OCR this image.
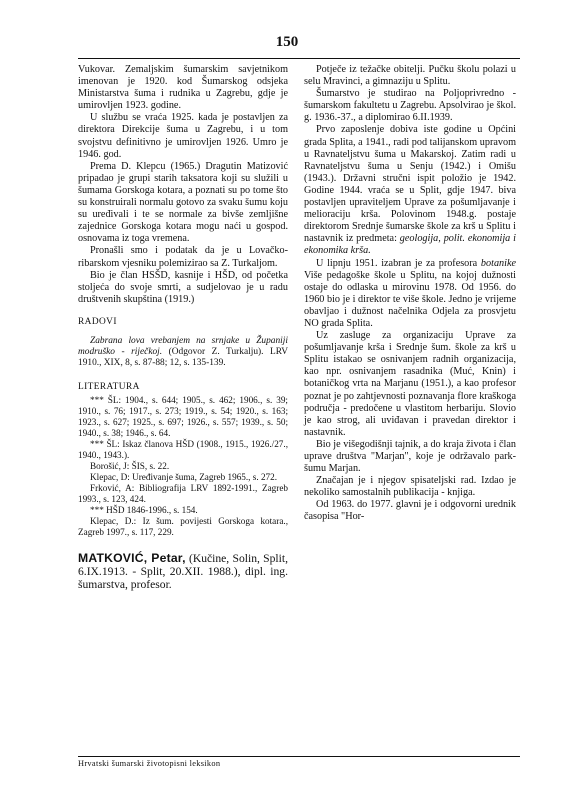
150

Vukovar. Zemaljskim šumarskim savjetnikom imenovan je 1920. kod Šumarskog odsjeka Ministarstva šuma i rudnika u Zagrebu, gdje je umirovljen 1923. godine.

U službu se vraća 1925. kada je postavljen za direktora Direkcije šuma u Zagrebu, i u tom svojstvu definitivno je umirovljen 1926. Umro je 1946. god.

Prema D. Klepcu (1965.) Dragutin Matizović pripadao je grupi starih taksatora koji su služili u šumama Gorskoga kotara, a poznati su po tome što su konstruirali normalu gotovo za svaku šumu koju su uređivali i te se normale za bivše zemljišne zajednice Gorskoga kotara mogu naći u gospod. osnovama iz toga vremena.

Pronašli smo i podatak da je u Lovačko-ribarskom vjesniku polemizirao sa Z. Turkaljom.

Bio je član HSŠD, kasnije i HŠD, od početka stoljeća do svoje smrti, a sudjelovao je u radu društvenih skupština (1919.)

RADOVI

Zabrana lova vrebanjem na srnjake u Županiji modruško - riječkoj. (Odgovor Z. Turkalju). LRV 1910., XIX, 8, s. 87-88; 12, s. 135-139.

LITERATURA
*** ŠL: 1904., s. 644; 1905., s. 462; 1906., s. 39; 1910., s. 76; 1917., s. 273; 1919., s. 54; 1920., s. 163; 1923., s. 627; 1925., s. 697; 1926., s. 557; 1939., s. 50; 1940., s. 38; 1946., s. 64.
*** ŠL: Iskaz članova HŠD (1908., 1915., 1926./27., 1940., 1943.).
Borošić, J: ŠIS, s. 22.
Klepac, D: Uređivanje šuma, Zagreb 1965., s. 272.
Frković, A: Bibliografija LRV 1892-1991., Zagreb 1993., s. 123, 424.
*** HŠD 1846-1996., s. 154.
Klepac, D.: Iz šum. povijesti Gorskoga kotara., Zagreb 1997., s. 117, 229.
MATKOVIĆ, Petar, (Kučine, Solin, Split, 6.IX.1913. - Split, 20.XII. 1988.), dipl. ing. šumarstva, profesor.

Potječe iz težačke obitelji. Pučku školu polazi u selu Mravinci, a gimnaziju u Splitu.

Šumarstvo je studirao na Poljoprivredno - šumarskom fakultetu u Zagrebu. Apsolvirao je škol. g. 1936.-37., a diplomirao 6.II.1939.

Prvo zaposlenje dobiva iste godine u Općini grada Splita, a 1941., radi pod talijanskom upravom u Ravnateljstvu šuma u Makarskoj. Zatim radi u Ravnateljstvu šuma u Senju (1942.) i Omišu (1943.). Državni stručni ispit položio je 1942. Godine 1944. vraća se u Split, gdje 1947. biva postavljen upraviteljem Uprave za pošumljavanje i melioraciju krša. Polovinom 1948.g. postaje direktorom Srednje šumarske škole za krš u Splitu i nastavnik iz predmeta: geologija, polit. ekonomija i ekonomika krša.

U lipnju 1951. izabran je za profesora botanike Više pedagoške škole u Splitu, na kojoj dužnosti ostaje do odlaska u mirovinu 1978. Od 1956. do 1960 bio je i direktor te više škole. Jedno je vrijeme obavljao i dužnost načelnika Odjela za prosvjetu NO grada Splita.

Uz zasluge za organizaciju Uprave za pošumljavanje krša i Srednje šum. škole za krš u Splitu istakao se osnivanjem radnih organizacija, kao npr. osnivanjem rasadnika (Muć, Knin) i botaničkog vrta na Marjanu (1951.), a kao profesor poznat je po zahtjevnosti poznavanja flore kraškoga područja - predočene u vlastitom herbariju. Slovio je kao strog, ali uviđavan i pravedan direktor i nastavnik.

Bio je višegodišnji tajnik, a do kraja života i član uprave društva "Marjan", koje je održavalo park-šumu Marjan.

Značajan je i njegov spisateljski rad. Izdao je nekoliko samostalnih publikacija - knjiga.

Od 1963. do 1977. glavni je i odgovorni urednik časopisa "Hor-

Hrvatski šumarski životopisni leksikon
